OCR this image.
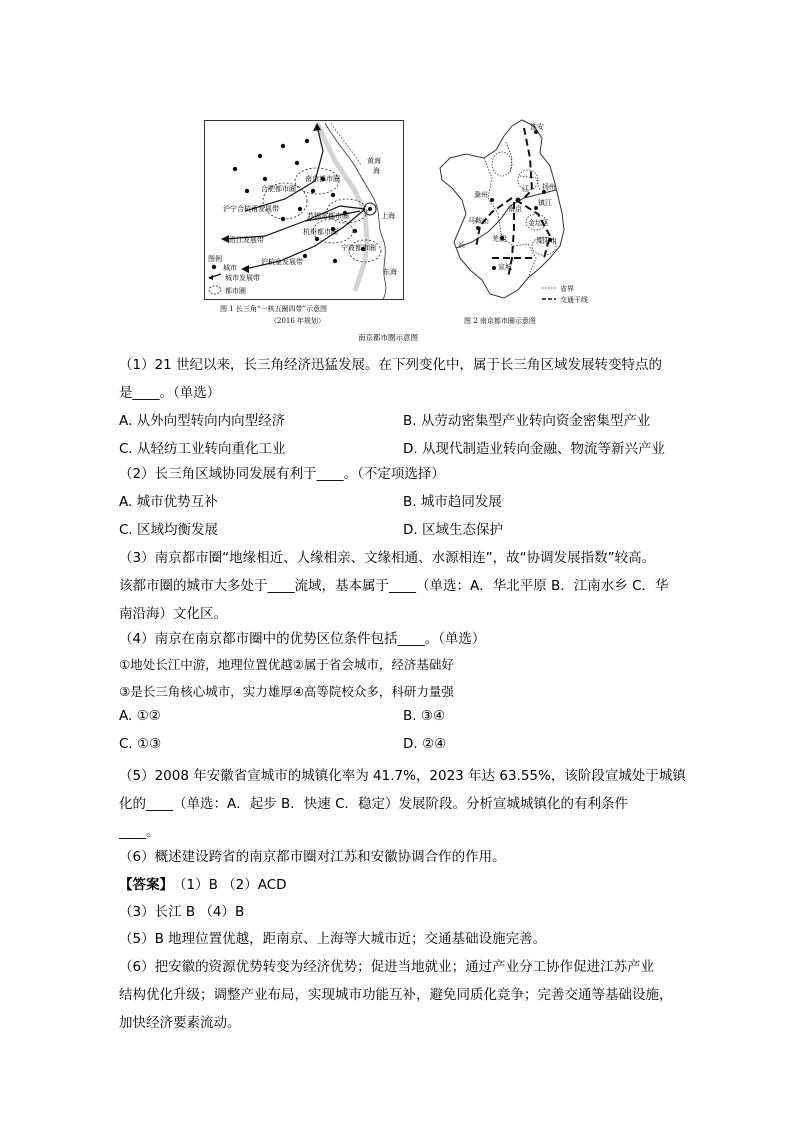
黄海
海
南京都市圈
合肥都市圈
沪宁合杭甬发展带
苏锡常都市圈	上海
杭州都市圈
沿江发展带
宁波都市圈
沪杭金发展带
东海
图例
城市
城市发展带
都市圈
图 1 长三角“一核五圈四带”示意图
（2016 年规划）
淮安
滁州
江 扬州
南京
镇江
马鞍山	金坛区
芜湖	溧阳市
长
宣城
省界
交通干线
图 2 南京都市圈示意图
南京都市圈示意图
（1）21 世纪以来，长三角经济迅猛发展。在下列变化中，属于长三角区域发展转变特点的
是____。（单选）
A. 从外向型转向内向型经济	B. 从劳动密集型产业转向资金密集型产业
C. 从轻纺工业转向重化工业	D. 从现代制造业转向金融、物流等新兴产业
（2）长三角区域协同发展有利于____。（不定项选择）
A. 城市优势互补	B. 城市趋同发展
C. 区域均衡发展	D. 区域生态保护
（3）南京都市圈“地缘相近、人缘相亲、文缘相通、水源相连”，故“协调发展指数”较高。
该都市圈的城市大多处于____流域，基本属于____（单选：A．华北平原 B．江南水乡 C．华
南沿海）文化区。
（4）南京在南京都市圈中的优势区位条件包括____。（单选）
①地处长江中游，地理位置优越②属于省会城市，经济基础好
③是长三角核心城市，实力雄厚④高等院校众多，科研力量强
A. ①②	B. ③④
C. ①③	D. ②④
（5）2008 年安徽省宣城市的城镇化率为 41.7%，2023 年达 63.55%，该阶段宣城处于城镇
化的____（单选：A．起步 B．快速 C．稳定）发展阶段。分析宣城城镇化的有利条件
____。
（6）概述建设跨省的南京都市圈对江苏和安徽协调合作的作用。
【答案】 （1）B （2）ACD
（3）长江 B （4）B
（5）B 地理位置优越，距南京、上海等大城市近；交通基础设施完善。
（6）把安徽的资源优势转变为经济优势；促进当地就业；通过产业分工协作促进江苏产业
结构优化升级；调整产业布局，实现城市功能互补，避免同质化竞争；完善交通等基础设施，
加快经济要素流动。
